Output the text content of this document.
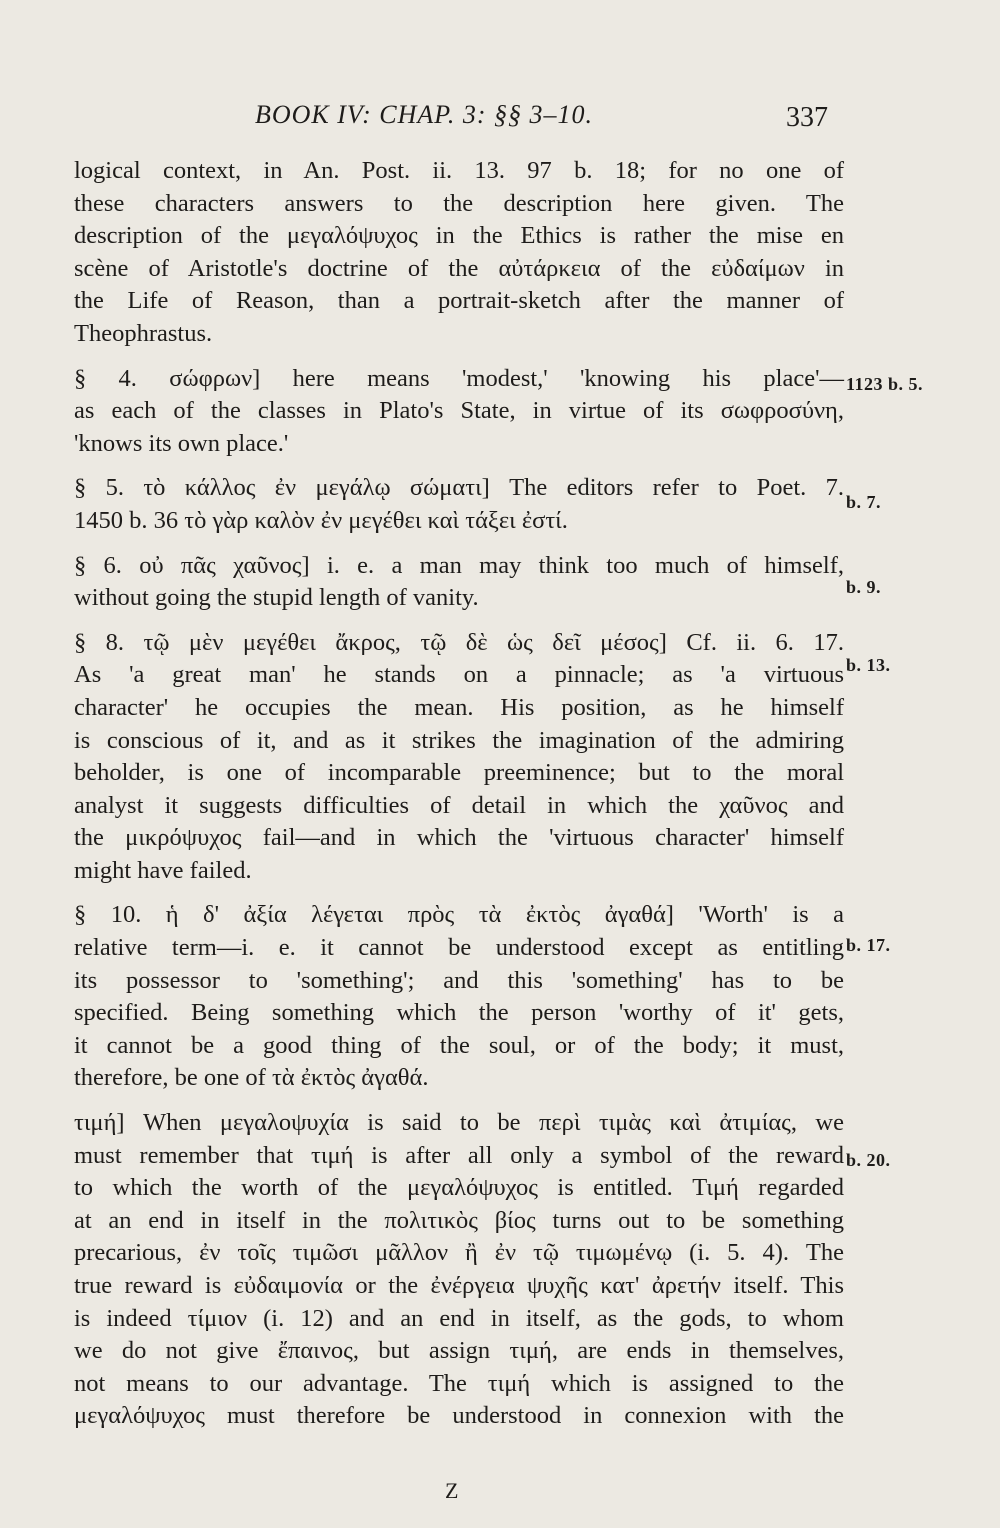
BOOK IV: CHAP. 3: §§ 3–10.	337
logical context, in An. Post. ii. 13. 97 b. 18; for no one of
these characters answers to the description here given. The
description of the μεγαλόψυχος in the Ethics is rather the mise en
scène of Aristotle's doctrine of the αὐτάρκεια of the εὐδαίμων in
the Life of Reason, than a portrait-sketch after the manner of
Theophrastus.
§ 4. σώφρων] here means 'modest,' 'knowing his place'—
as each of the classes in Plato's State, in virtue of its σωφροσύνη,
'knows its own place.'
§ 5. τὸ κάλλος ἐν μεγάλῳ σώματι] The editors refer to Poet. 7.
1450 b. 36 τὸ γὰρ καλὸν ἐν μεγέθει καὶ τάξει ἐστί.
§ 6. οὐ πᾶς χαῦνος] i. e. a man may think too much of himself,
without going the stupid length of vanity.
§ 8. τῷ μὲν μεγέθει ἄκρος, τῷ δὲ ὡς δεῖ μέσος] Cf. ii. 6. 17.
As 'a great man' he stands on a pinnacle; as 'a virtuous
character' he occupies the mean. His position, as he himself
is conscious of it, and as it strikes the imagination of the admiring
beholder, is one of incomparable preeminence; but to the moral
analyst it suggests difficulties of detail in which the χαῦνος and
the μικρόψυχος fail—and in which the 'virtuous character' himself
might have failed.
§ 10. ἡ δ' ἀξία λέγεται πρὸς τὰ ἐκτὸς ἀγαθά] 'Worth' is a
relative term—i. e. it cannot be understood except as entitling
its possessor to 'something'; and this 'something' has to be
specified. Being something which the person 'worthy of it' gets,
it cannot be a good thing of the soul, or of the body; it must,
therefore, be one of τὰ ἐκτὸς ἀγαθά.
τιμή] When μεγαλοψυχία is said to be περὶ τιμὰς καὶ ἀτιμίας, we
must remember that τιμή is after all only a symbol of the reward
to which the worth of the μεγαλόψυχος is entitled. Τιμή regarded
at an end in itself in the πολιτικὸς βίος turns out to be something
precarious, ἐν τοῖς τιμῶσι μᾶλλον ἢ ἐν τῷ τιμωμένῳ (i. 5. 4). The
true reward is εὐδαιμονία or the ἐνέργεια ψυχῆς κατ' ἀρετήν itself. This
is indeed τίμιον (i. 12) and an end in itself, as the gods, to whom
we do not give ἔπαινος, but assign τιμή, are ends in themselves,
not means to our advantage. The τιμή which is assigned to the
μεγαλόψυχος must therefore be understood in connexion with the
1123 b. 5.
b. 7.
b. 9.
b. 13.
b. 17.
b. 20.
Z
